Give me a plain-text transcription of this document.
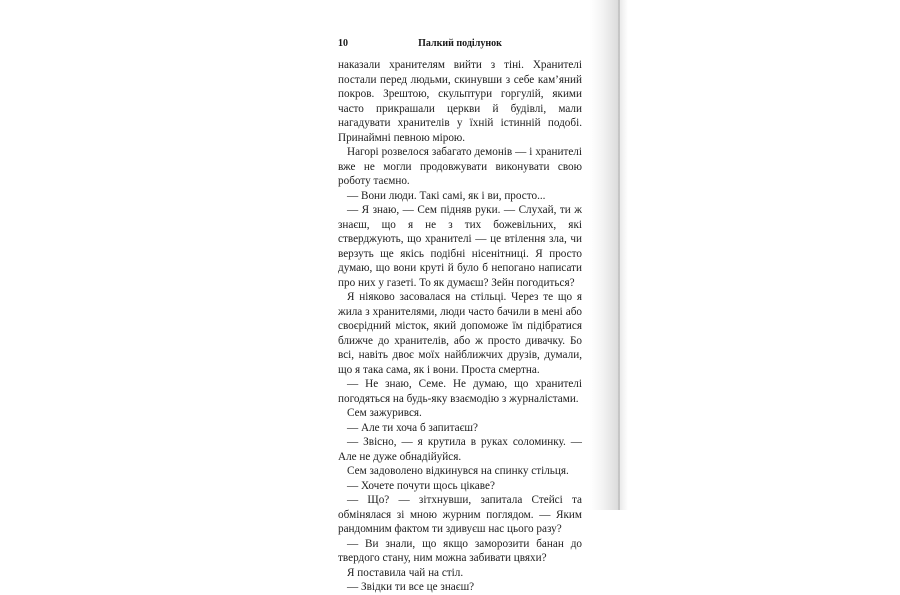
10	Палкий поділунок

наказали хранителям вийти з тіні. Хранителі постали перед людьми, скинувши з себе кам’яний покров. Зрештою, скульптури горгулій, якими часто прикрашали церкви й будівлі, мали нагадувати хранителів у їхній істинній подобі. Принаймні певною мірою.

Нагорі розвелося забагато демонів — і хранителі вже не могли продовжувати виконувати свою роботу таємно.

— Вони люди. Такі самі, як і ви, просто...

— Я знаю, — Сем підняв руки. — Слухай, ти ж знаєш, що я не з тих божевільних, які стверджують, що хранителі — це втілення зла, чи верзуть ще якісь подібні нісенітниці. Я просто думаю, що вони круті й було б непогано написати про них у газеті. То як думаєш? Зейн погодиться?

Я ніяково засовалася на стільці. Через те що я жила з хранителями, люди часто бачили в мені або своєрідний місток, який допоможе їм підібратися ближче до хранителів, або ж просто дивачку. Бо всі, навіть двоє моїх найближчих друзів, думали, що я така сама, як і вони. Проста смертна.

— Не знаю, Семе. Не думаю, що хранителі погодяться на будь-яку взаємодію з журналістами.

Сем зажурився.

— Але ти хоча б запитаєш?

— Звісно, — я крутила в руках соломинку. — Але не дуже обнадійуйся.

Сем задоволено відкинувся на спинку стільця.

— Хочете почути щось цікаве?

— Що? — зітхнувши, запитала Стейсі та обмінялася зі мною журним поглядом. — Яким рандомним фактом ти здивуєш нас цього разу?

— Ви знали, що якщо заморозити банан до твердого стану, ним можна забивати цвяхи?

Я поставила чай на стіл.

— Звідки ти все це знаєш?
